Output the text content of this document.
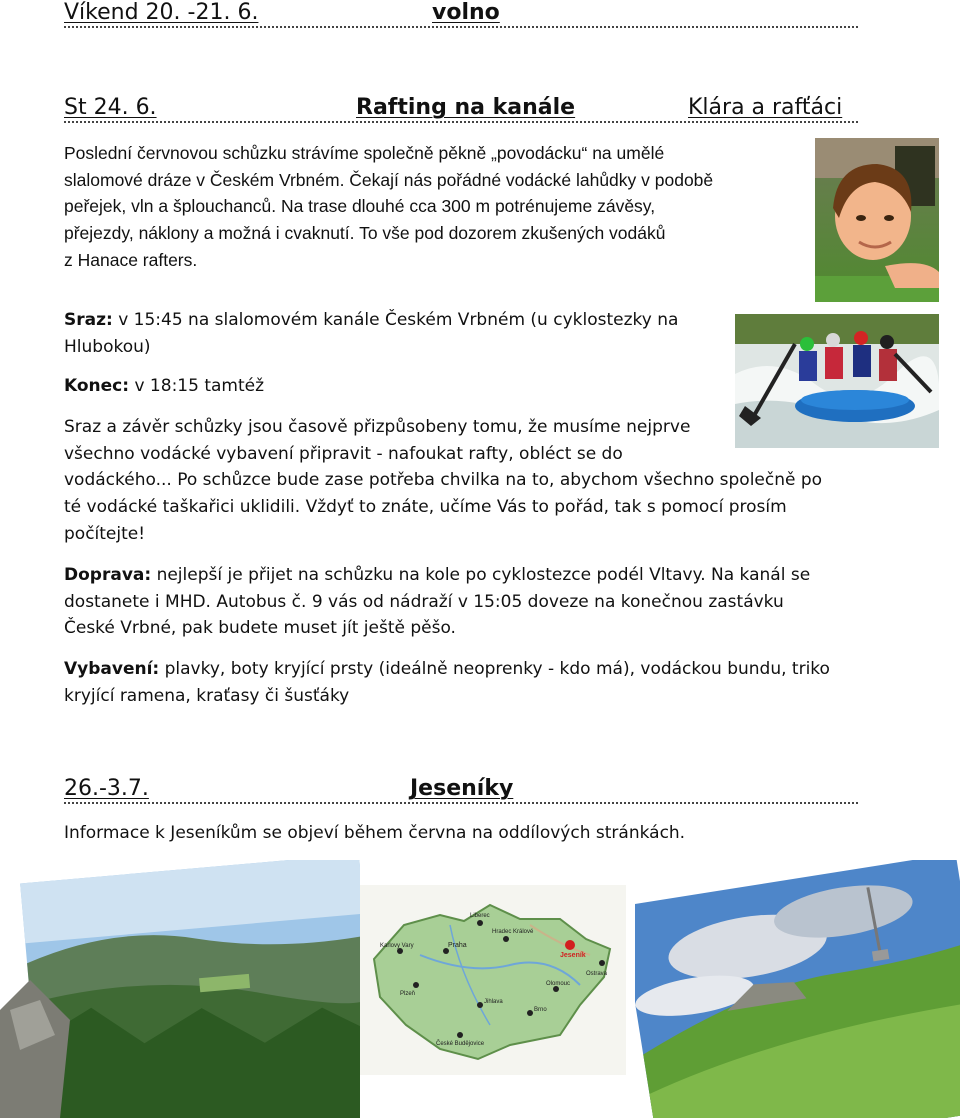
Víkend 20. -21. 6.	volno
St 24. 6.	Rafting na kanále	Klára a rafťáci
Poslední červnovou schůzku strávíme společně pěkně „povodácku“ na umělé
slalomové dráze v Českém Vrbném. Čekají nás pořádné vodácké lahůdky v podobě
peřejek, vln a šplouchanců. Na trase dlouhé cca 300 m potrénujeme závěsy,
přejezdy, náklony a možná i cvaknutí. To vše pod dozorem zkušených vodáků
z Hanace rafters.
Sraz: v 15:45 na slalomovém kanále Českém Vrbném (u cyklostezky na
Hlubokou)
Konec: v 18:15 tamtéž
Sraz a závěr schůzky jsou časově přizpůsobeny tomu, že musíme nejprve
všechno vodácké vybavení připravit - nafoukat rafty, obléct se do
vodáckého... Po schůzce bude zase potřeba chvilka na to, abychom všechno společně po
té vodácké taškařici uklidili. Vždyť to znáte, učíme Vás to pořád, tak s pomocí prosím
počítejte!
Doprava: nejlepší je přijet na schůzku na kole po cyklostezce podél Vltavy. Na kanál se
dostanete i MHD. Autobus č. 9 vás od nádraží v 15:05 doveze na konečnou zastávku
České Vrbné, pak budete muset jít ještě pěšo.
Vybavení: plavky, boty kryjící prsty (ideálně neoprenky - kdo má), vodáckou bundu, triko
kryjící ramena, kraťasy či šusťáky
26.-3.7.	Jeseníky
Informace k Jeseníkům se objeví během června na oddílových stránkách.
Praha
Hradec Králové
Jeseník
Ostrava
Olomouc
Plzeň
Brno
Jihlava
České Budějovice
Karlovy Vary
Liberec
